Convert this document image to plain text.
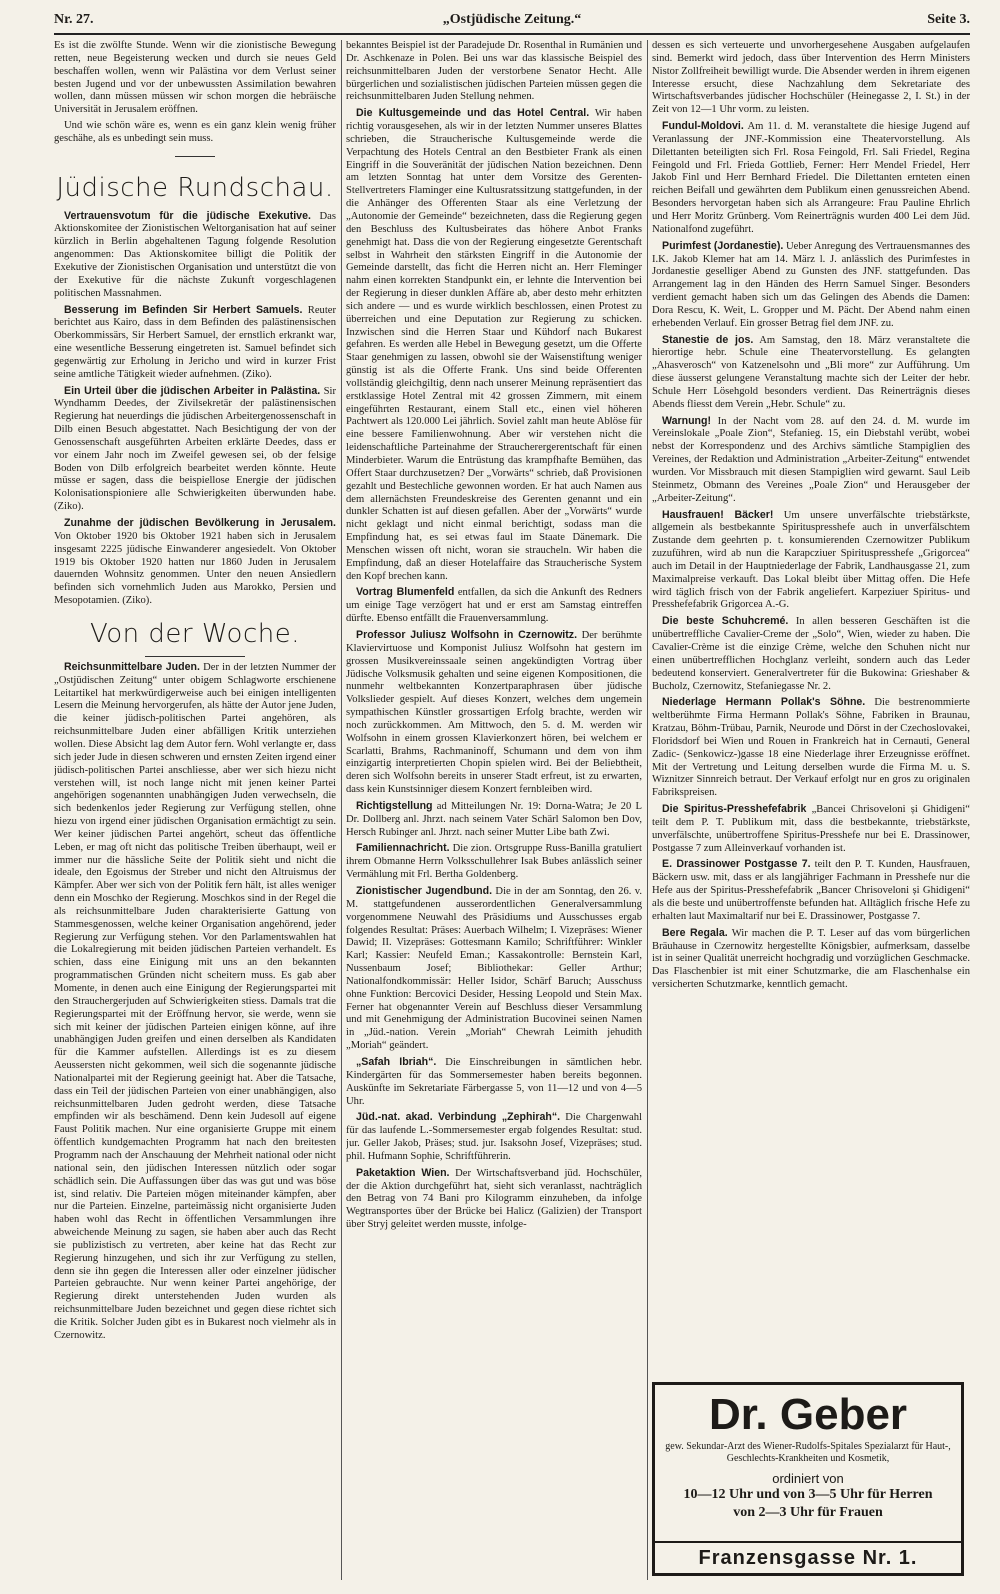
Nr. 27.	„Ostjüdische Zeitung.“	Seite 3.

Es ist die zwölfte Stunde. Wenn wir die zionistische Bewegung retten, neue Begeisterung wecken und durch sie neues Geld beschaffen wollen, wenn wir Palästina vor dem Verlust seiner besten Jugend und vor der unbewussten Assimilation bewahren wollen, dann müssen müssen wir schon morgen die hebräische Universität in Jerusalem eröffnen.

Und wie schön wäre es, wenn es ein ganz klein wenig früher geschähe, als es unbedingt sein muss.

Jüdische Rundschau.

Vertrauensvotum für die jüdische Exekutive. Das Aktionskomitee der Zionistischen Weltorganisation hat auf seiner kürzlich in Berlin abgehaltenen Tagung folgende Resolution angenommen: Das Aktionskomitee billigt die Politik der Exekutive der Zionistischen Organisation und unterstützt die von der Exekutive für die nächste Zukunft vorgeschlagenen politischen Massnahmen.

Besserung im Befinden Sir Herbert Samuels. Reuter berichtet aus Kairo, dass in dem Befinden des palästinensischen Oberkommissärs, Sir Herbert Samuel, der ernstlich erkrankt war, eine wesentliche Besserung eingetreten ist. Samuel befindet sich gegenwärtig zur Erholung in Jericho und wird in kurzer Frist seine amtliche Tätigkeit wieder aufnehmen. (Ziko).

Ein Urteil über die jüdischen Arbeiter in Palästina. Sir Wyndhamm Deedes, der Zivilsekretär der palästinensischen Regierung hat neuerdings die jüdischen Arbeitergenossenschaft in Dilb einen Besuch abgestattet. Nach Besichtigung der von der Genossenschaft ausgeführten Arbeiten erklärte Deedes, dass er vor einem Jahr noch im Zweifel gewesen sei, ob der felsige Boden von Dilb erfolgreich bearbeitet werden könnte. Heute müsse er sagen, dass die beispiellose Energie der jüdischen Kolonisationspioniere alle Schwierigkeiten überwunden habe. (Ziko).

Zunahme der jüdischen Bevölkerung in Jerusalem. Von Oktober 1920 bis Oktober 1921 haben sich in Jerusalem insgesamt 2225 jüdische Einwanderer angesiedelt. Von Oktober 1919 bis Oktober 1920 hatten nur 1860 Juden in Jerusalem dauernden Wohnsitz genommen. Unter den neuen Ansiedlern befinden sich vornehmlich Juden aus Marokko, Persien und Mesopotamien. (Ziko).

Von der Woche.

Reichsunmittelbare Juden. Der in der letzten Nummer der „Ostjüdischen Zeitung“ unter obigem Schlagworte erschienene Leitartikel hat merkwürdigerweise auch bei einigen intelligenten Lesern die Meinung hervorgerufen, als hätte der Autor jene Juden, die keiner jüdisch-politischen Partei angehören, als reichsunmittelbare Juden einer abfälligen Kritik unterziehen wollen. Diese Absicht lag dem Autor fern. Wohl verlangte er, dass sich jeder Jude in diesen schweren und ernsten Zeiten irgend einer jüdisch-politischen Partei anschliesse, aber wer sich hiezu nicht verstehen will, ist noch lange nicht mit jenen keiner Partei angehörigen sogenannten unabhängigen Juden verwechseln, die sich bedenkenlos jeder Regierung zur Verfügung stellen, ohne hiezu von irgend einer jüdischen Organisation ermächtigt zu sein. Wer keiner jüdischen Partei angehört, scheut das öffentliche Leben, er mag oft nicht das politische Treiben überhaupt, weil er immer nur die hässliche Seite der Politik sieht und nicht die ideale, den Egoismus der Streber und nicht den Altruismus der Kämpfer. Aber wer sich von der Politik fern hält, ist alles weniger denn ein Moschko der Regierung. Moschkos sind in der Regel die als reichsunmittelbare Juden charakterisierte Gattung von Stammesgenossen, welche keiner Organisation angehörend, jeder Regierung zur Verfügung stehen. Vor den Parlamentswahlen hat die Lokalregierung mit beiden jüdischen Parteien verhandelt. Es schien, dass eine Einigung mit uns an den bekannten programmatischen Gründen nicht scheitern muss. Es gab aber Momente, in denen auch eine Einigung der Regierungspartei mit den Strauchergerjuden auf Schwierigkeiten stiess. Damals trat die Regierungspartei mit der Eröffnung hervor, sie werde, wenn sie sich mit keiner der jüdischen Parteien einigen könne, auf ihre unabhängigen Juden greifen und einen derselben als Kandidaten für die Kammer aufstellen. Allerdings ist es zu diesem Aeussersten nicht gekommen, weil sich die sogenannte jüdische Nationalpartei mit der Regierung geeinigt hat. Aber die Tatsache, dass ein Teil der jüdischen Parteien von einer unabhängigen, also reichsunmittelbaren Juden gedroht werden, diese Tatsache empfinden wir als beschämend. Denn kein Judesoll auf eigene Faust Politik machen. Nur eine organisierte Gruppe mit einem öffentlich kundgemachten Programm hat nach den breitesten Programm nach der Anschauung der Mehrheit national oder nicht national sein, den jüdischen Interessen nützlich oder sogar schädlich sein. Die Auffassungen über das was gut und was böse ist, sind relativ. Die Parteien mögen miteinander kämpfen, aber nur die Parteien. Einzelne, parteimässig nicht organisierte Juden haben wohl das Recht in öffentlichen Versammlungen ihre abweichende Meinung zu sagen, sie haben aber auch das Recht sie publizistisch zu vertreten, aber keine hat das Recht zur Regierung hinzugehen, und sich ihr zur Verfügung zu stellen, denn sie ihn gegen die Interessen aller oder einzelner jüdischer Parteien gebrauchte. Nur wenn keiner Partei angehörige, der Regierung direkt unterstehenden Juden wurden als reichsunmittelbare Juden bezeichnet und gegen diese richtet sich die Kritik. Solcher Juden gibt es in Bukarest noch vielmehr als in Czernowitz.

bekanntes Beispiel ist der Paradejude Dr. Rosenthal in Rumänien und Dr. Aschkenaze in Polen. Bei uns war das klassische Beispiel des reichsunmittelbaren Juden der verstorbene Senator Hecht. Alle bürgerlichen und sozialistischen jüdischen Parteien müssen gegen die reichsunmittelbaren Juden Stellung nehmen.

Die Kultusgemeinde und das Hotel Central. Wir haben richtig vorausgesehen, als wir in der letzten Nummer unseres Blattes schrieben, die Straucherische Kultusgemeinde werde die Verpachtung des Hotels Central an den Bestbieter Frank als einen Eingriff in die Souveränität der jüdischen Nation bezeichnen. Denn am letzten Sonntag hat unter dem Vorsitze des Gerenten-Stellvertreters Flaminger eine Kultusratssitzung stattgefunden, in der die Anhänger des Offerenten Staar als eine Verletzung der „Autonomie der Gemeinde“ bezeichneten, dass die Regierung gegen den Beschluss des Kultusbeirates das höhere Anbot Franks genehmigt hat. Dass die von der Regierung eingesetzte Gerentschaft selbst in Wahrheit den stärksten Eingriff in die Autonomie der Gemeinde darstellt, das ficht die Herren nicht an. Herr Fleminger nahm einen korrekten Standpunkt ein, er lehnte die Intervention bei der Regierung in dieser dunklen Affäre ab, aber desto mehr erhitzten sich andere — und es wurde wirklich beschlossen, einen Protest zu überreichen und eine Deputation zur Regierung zu schicken. Inzwischen sind die Herren Staar und Kühdorf nach Bukarest gefahren. Es werden alle Hebel in Bewegung gesetzt, um die Offerte Staar genehmigen zu lassen, obwohl sie der Waisenstiftung weniger günstig ist als die Offerte Frank. Uns sind beide Offerenten vollständig gleichgiltig, denn nach unserer Meinung repräsentiert das erstklassige Hotel Zentral mit 42 grossen Zimmern, mit einem eingeführten Restaurant, einem Stall etc., einen viel höheren Pachtwert als 120.000 Lei jährlich. Soviel zahlt man heute Ablöse für eine bessere Familienwohnung. Aber wir verstehen nicht die leidenschaftliche Parteinahme der Straucherergerentschaft für einen Minderbieter. Warum die Entrüstung das krampfhafte Bemühen, das Offert Staar durchzusetzen? Der „Vorwärts“ schrieb, daß Provisionen gezahlt und Bestechliche gewonnen worden. Er hat auch Namen aus dem allernächsten Freundeskreise des Gerenten genannt und ein dunkler Schatten ist auf diesen gefallen. Aber der „Vorwärts“ wurde nicht geklagt und nicht einmal berichtigt, sodass man die Empfindung hat, es sei etwas faul im Staate Dänemark. Die Menschen wissen oft nicht, woran sie straucheln. Wir haben die Empfindung, daß an dieser Hotelaffaire das Straucherische System den Kopf brechen kann.

Vortrag Blumenfeld entfallen, da sich die Ankunft des Redners um einige Tage verzögert hat und er erst am Samstag eintreffen dürfte. Ebenso entfällt die Frauenversammlung.

Professor Juliusz Wolfsohn in Czernowitz. Der berühmte Klaviervirtuose und Komponist Juliusz Wolfsohn hat gestern im grossen Musikvereinssaale seinen angekündigten Vortrag über Jüdische Volksmusik gehalten und seine eigenen Kompositionen, die nunmehr weltbekannten Konzertparaphrasen über jüdische Volkslieder gespielt. Auf dieses Konzert, welches dem ungemein sympathischen Künstler grossartigen Erfolg brachte, werden wir noch zurückkommen. Am Mittwoch, den 5. d. M. werden wir Wolfsohn in einem grossen Klavierkonzert hören, bei welchem er Scarlatti, Brahms, Rachmaninoff, Schumann und dem von ihm einzigartig interpretierten Chopin spielen wird. Bei der Beliebtheit, deren sich Wolfsohn bereits in unserer Stadt erfreut, ist zu erwarten, dass kein Kunstsinniger diesem Konzert fernbleiben wird.

Richtigstellung ad Mitteilungen Nr. 19: Dorna-Watra; Je 20 L Dr. Dollberg anl. Jhrzt. nach seinem Vater Schärl Salomon ben Dov, Hersch Rubinger anl. Jhrzt. nach seiner Mutter Libe bath Zwi.

Familiennachricht. Die zion. Ortsgruppe Russ-Banilla gratuliert ihrem Obmanne Herrn Volksschullehrer Isak Bubes anlässlich seiner Vermählung mit Frl. Bertha Goldenberg.

Zionistischer Jugendbund. Die in der am Sonntag, den 26. v. M. stattgefundenen ausserordentlichen Generalversammlung vorgenommene Neuwahl des Präsidiums und Ausschusses ergab folgendes Resultat: Präses: Auerbach Wilhelm; I. Vizepräses: Wiener Dawid; II. Vizepräses: Gottesmann Kamilo; Schriftführer: Winkler Karl; Kassier: Neufeld Eman.; Kassakontrolle: Bernstein Karl, Nussenbaum Josef; Bibliothekar: Geller Arthur; Nationalfondkommissär: Heller Isidor, Schärf Baruch; Ausschuss ohne Funktion: Bercovici Desider, Hessing Leopold und Stein Max. Ferner hat obgenannter Verein auf Beschluss dieser Versammlung und mit Genehmigung der Administration Bucovinei seinen Namen in „Jüd.-nation. Verein „Moriah“ Chewrah Leimith jehudith „Moriah“ geändert.

„Safah Ibriah“. Die Einschreibungen in sämtlichen hebr. Kindergärten für das Sommersemester haben bereits begonnen. Auskünfte im Sekretariate Färbergasse 5, von 11—12 und von 4—5 Uhr.

Jüd.-nat. akad. Verbindung „Zephirah“. Die Chargenwahl für das laufende L.-Sommersemester ergab folgendes Resultat: stud. jur. Geller Jakob, Präses; stud. jur. Isaksohn Josef, Vizepräses; stud. phil. Hufmann Sophie, Schriftführerin.

Paketaktion Wien. Der Wirtschaftsverband jüd. Hochschüler, der die Aktion durchgeführt hat, sieht sich veranlasst, nachträglich den Betrag von 74 Bani pro Kilogramm einzuheben, da infolge Wegtransportes über der Brücke bei Halicz (Galizien) der Transport über Stryj geleitet werden musste, infolge-

dessen es sich verteuerte und unvorhergesehene Ausgaben aufgelaufen sind. Bemerkt wird jedoch, dass über Intervention des Herrn Ministers Nistor Zollfreiheit bewilligt wurde. Die Absender werden in ihrem eigenen Interesse ersucht, diese Nachzahlung dem Sekretariate des Wirtschaftsverbandes jüdischer Hochschüler (Heinegasse 2, I. St.) in der Zeit von 12—1 Uhr vorm. zu leisten.

Fundul-Moldovi. Am 11. d. M. veranstaltete die hiesige Jugend auf Veranlassung der JNF.-Kommission eine Theatervorstellung. Als Dilettanten beteiligten sich Frl. Rosa Feingold, Frl. Sali Friedel, Regina Feingold und Frl. Frieda Gottlieb, Ferner: Herr Mendel Friedel, Herr Jakob Finl und Herr Bernhard Friedel. Die Dilettanten ernteten einen reichen Beifall und gewährten dem Publikum einen genussreichen Abend. Besonders hervorgetan haben sich als Arrangeure: Frau Pauline Ehrlich und Herr Moritz Grünberg. Vom Reinerträgnis wurden 400 Lei dem Jüd. Nationalfond zugeführt.

Purimfest (Jordanestie). Ueber Anregung des Vertrauensmannes des I.K. Jakob Klemer hat am 14. März l. J. anlässlich des Purimfestes in Jordanestie geselliger Abend zu Gunsten des JNF. stattgefunden. Das Arrangement lag in den Händen des Herrn Samuel Singer. Besonders verdient gemacht haben sich um das Gelingen des Abends die Damen: Dora Rescu, K. Weit, L. Gropper und M. Pächt. Der Abend nahm einen erhebenden Verlauf. Ein grosser Betrag fiel dem JNF. zu.

Stanestie de jos. Am Samstag, den 18. März veranstaltete die hierortige hebr. Schule eine Theatervorstellung. Es gelangten „Ahasverosch“ von Katzenelsohn und „Bli more“ zur Aufführung. Um diese äusserst gelungene Veranstaltung machte sich der Leiter der hebr. Schule Herr Lösehgold besonders verdient. Das Reinerträgnis dieses Abends fliesst dem Verein „Hebr. Schule“ zu.

Warnung! In der Nacht vom 28. auf den 24. d. M. wurde im Vereinslokale „Poale Zion“, Stefanieg. 15, ein Diebstahl verübt, wobei nebst der Korrespondenz und des Archivs sämtliche Stampiglien des Vereines, der Redaktion und Administration „Arbeiter-Zeitung“ entwendet wurden. Vor Missbrauch mit diesen Stampiglien wird gewarnt. Saul Leib Steinmetz, Obmann des Vereines „Poale Zion“ und Herausgeber der „Arbeiter-Zeitung“.

Hausfrauen! Bäcker! Um unsere unverfälschte triebstärkste, allgemein als bestbekannte Spirituspresshefe auch in unverfälschtem Zustande dem geehrten p. t. konsumierenden Czernowitzer Publikum zuzuführen, wird ab nun die Karapcziuer Spirituspresshefe „Grigorcea“ auch im Detail in der Hauptniederlage der Fabrik, Landhausgasse 21, zum Maximalpreise verkauft. Das Lokal bleibt über Mittag offen. Die Hefe wird täglich frisch von der Fabrik angeliefert. Karpeziuer Spiritus- und Presshefefabrik Grigorcea A.-G.

Die beste Schuhcremé. In allen besseren Geschäften ist die unübertreffliche Cavalier-Creme der „Solo“, Wien, wieder zu haben. Die Cavalier-Crème ist die einzige Crème, welche den Schuhen nicht nur einen unübertrefflichen Hochglanz verleiht, sondern auch das Leder bedeutend konserviert. Generalvertreter für die Bukowina: Grieshaber & Bucholz, Czernowitz, Stefaniegasse Nr. 2.

Niederlage Hermann Pollak's Söhne. Die bestrenommierte weltberühmte Firma Hermann Pollak's Söhne, Fabriken in Braunau, Kratzau, Böhm-Trübau, Parnik, Neurode und Dörst in der Czechoslovakei, Floridsdorf bei Wien und Rouen in Frankreich hat in Cernauti, General Zadic- (Senkowicz-)gasse 18 eine Niederlage ihrer Erzeugnisse eröffnet. Mit der Vertretung und Leitung derselben wurde die Firma M. u. S. Wiznitzer Sinnreich betraut. Der Verkauf erfolgt nur en gros zu originalen Fabrikspreisen.

Die Spiritus-Presshefefabrik „Bancei Chrisoveloni și Ghidigeni“ teilt dem P. T. Publikum mit, dass die bestbekannte, triebstärkste, unverfälschte, unübertroffene Spiritus-Presshefe nur bei E. Drassinower, Postgasse 7 zum Alleinverkauf vorhanden ist.

E. Drassinower Postgasse 7. teilt den P. T. Kunden, Hausfrauen, Bäckern usw. mit, dass er als langjähriger Fachmann in Presshefe nur die Hefe aus der Spiritus-Presshefefabrik „Bancer Chrisoveloni și Ghidigeni“ als die beste und unübertroffenste befunden hat. Alltäglich frische Hefe zu erhalten laut Maximaltarif nur bei E. Drassinower, Postgasse 7.

Bere Regala. Wir machen die P. T. Leser auf das vom bürgerlichen Bräuhause in Czernowitz hergestellte Königsbier, aufmerksam, dasselbe ist in seiner Qualität unerreicht hochgradig und vorzüglichen Geschmacke. Das Flaschenbier ist mit einer Schutzmarke, die am Flaschenhalse ein versicherten Schutzmarke, kenntlich gemacht.

Dr. Geber
gew. Sekundar-Arzt des Wiener-Rudolfs-Spitales Spezialarzt für Haut-, Geschlechts-Krankheiten und Kosmetik,
ordiniert von
10—12 Uhr und von 3—5 Uhr für Herren
von 2—3 Uhr für Frauen
Franzensgasse Nr. 1.
